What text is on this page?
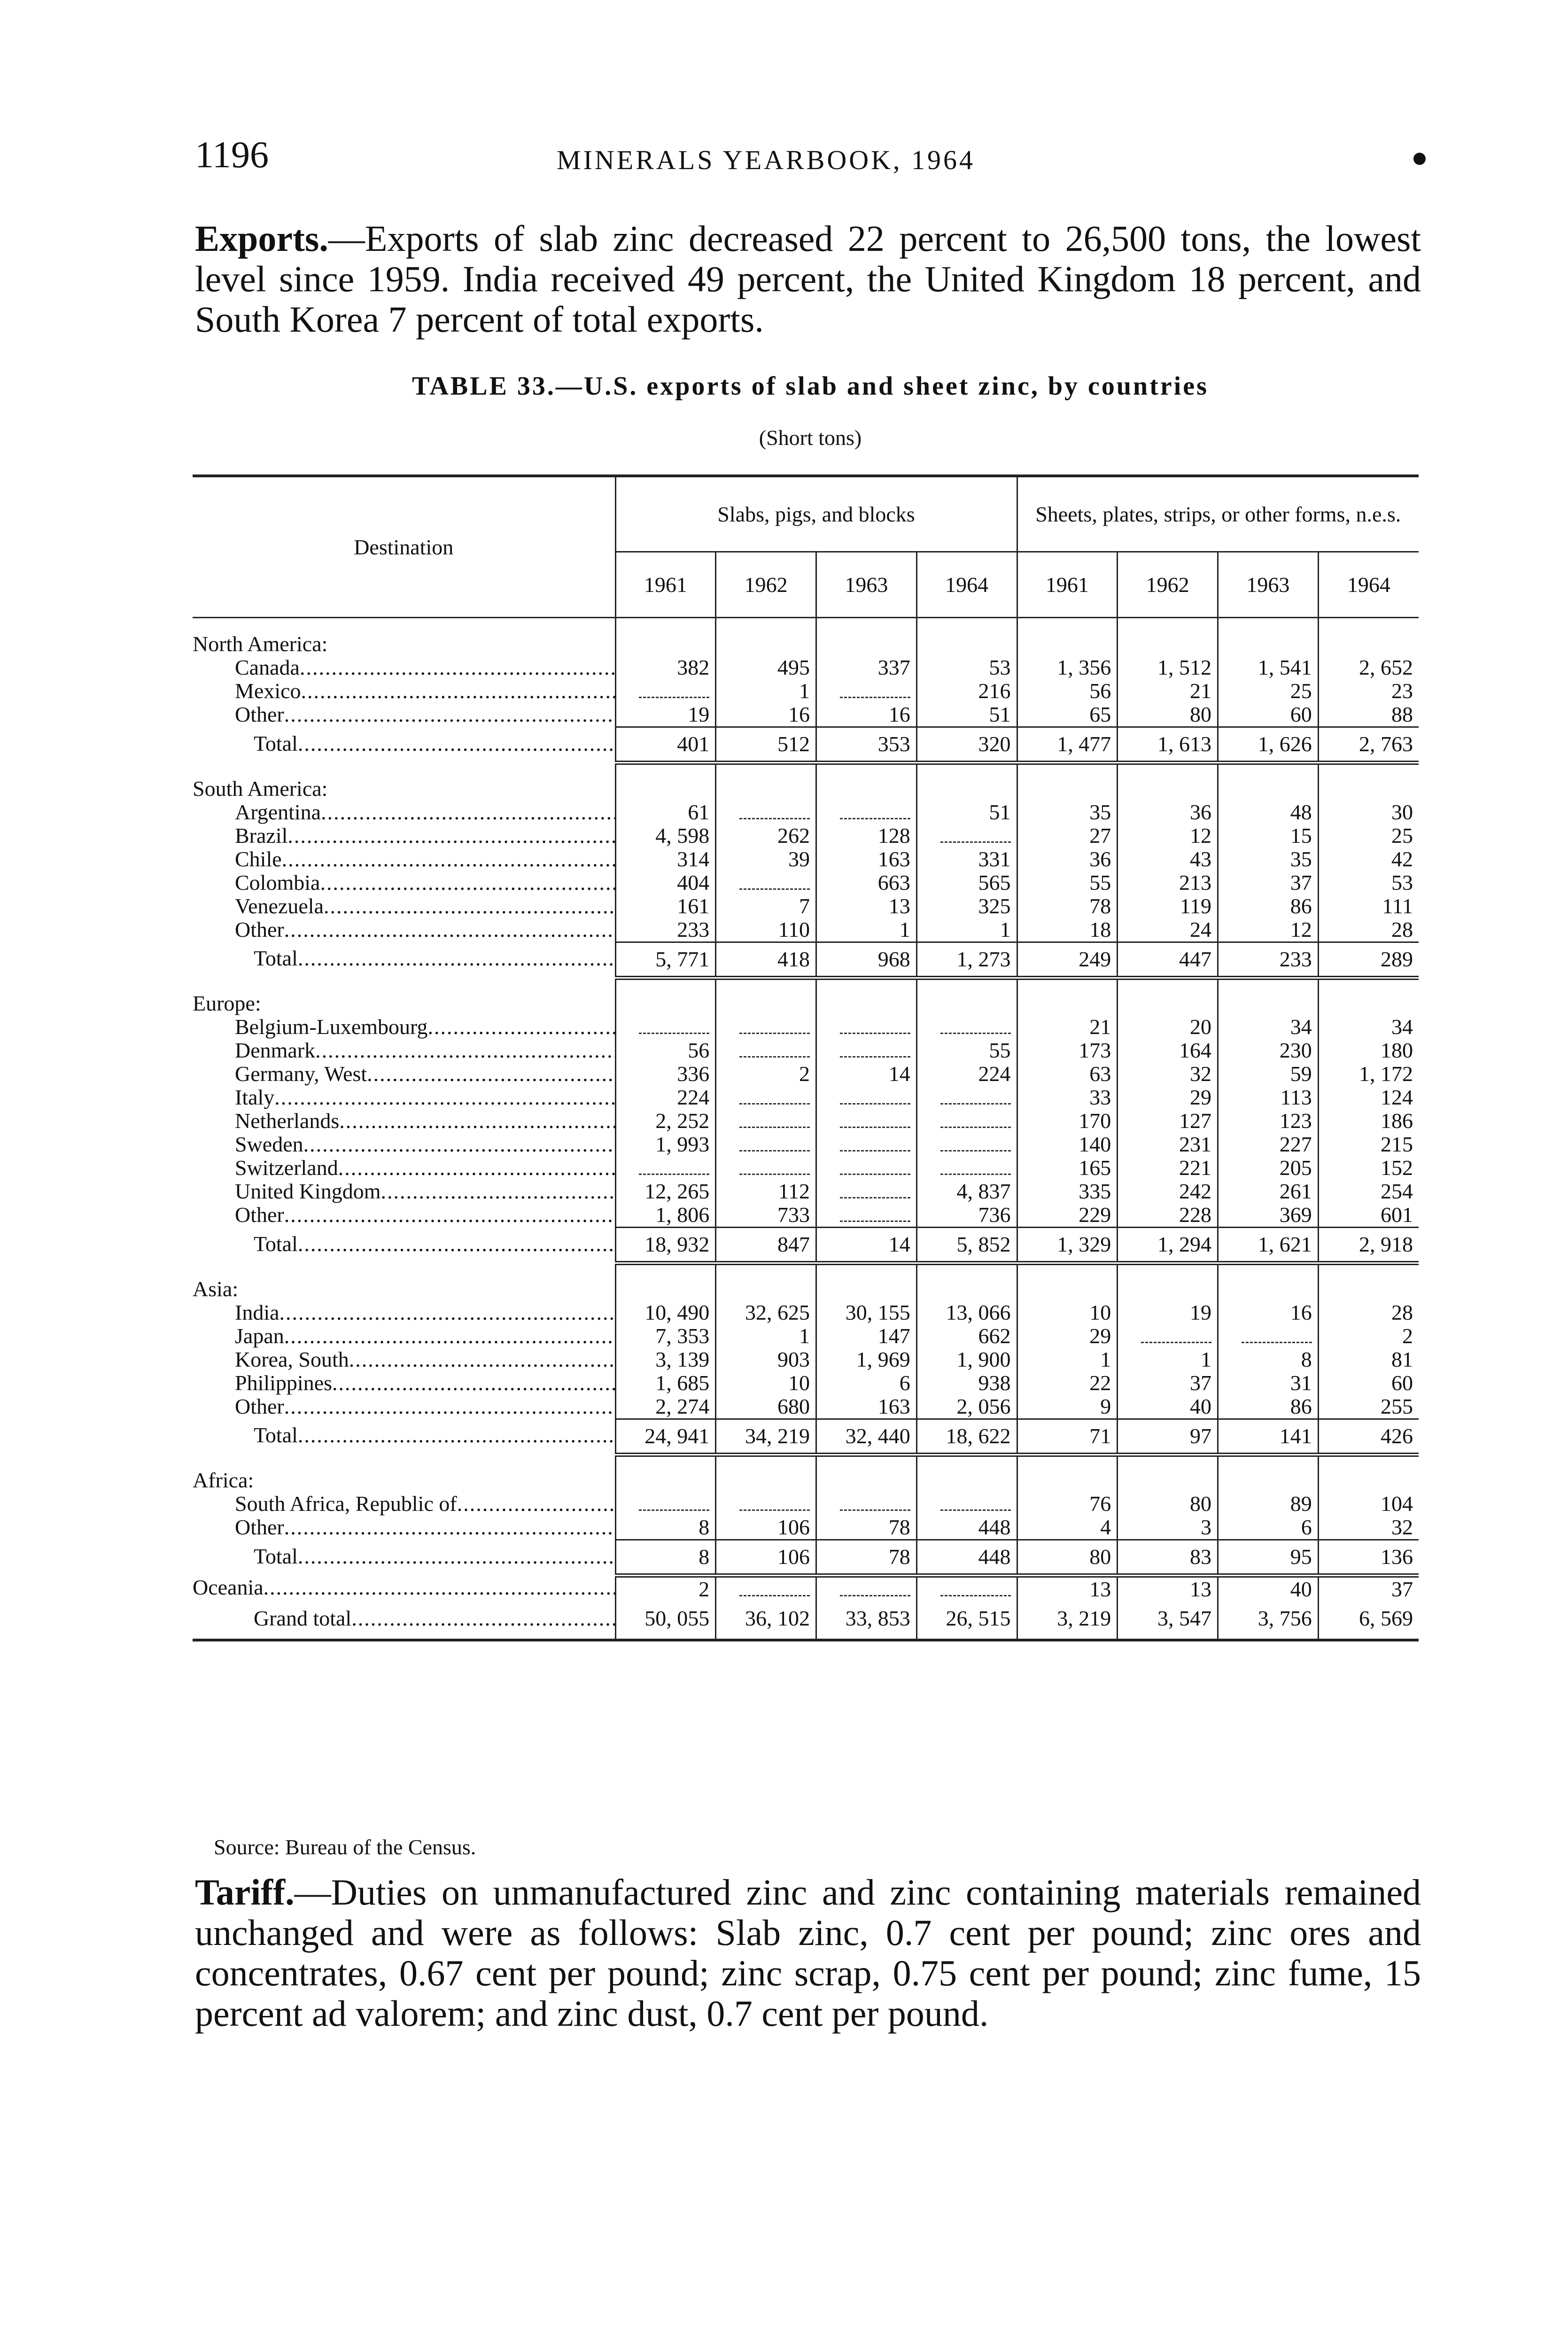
1196	MINERALS YEARBOOK, 1964
Exports.—Exports of slab zinc decreased 22 percent to 26,500 tons, the lowest level since 1959. India received 49 percent, the United Kingdom 18 percent, and South Korea 7 percent of total exports.
TABLE 33.—U.S. exports of slab and sheet zinc, by countries
(Short tons)
Destination	Slabs, pigs, and blocks				Sheets, plates, strips, or other forms, n.e.s.			
	1961	1962	1963	1964	1961	1962	1963	1964
North America:								
Canada .....	382	495	337	53	1, 356	1, 512	1, 541	2, 652
Mexico .....		1		216	56	21	25	23
Other .....	19	16	16	51	65	80	60	88
Total .....	401	512	353	320	1, 477	1, 613	1, 626	2, 763
South America:								
Argentina .....	61			51	35	36	48	30
Brazil .....	4, 598	262	128		27	12	15	25
Chile .....	314	39	163	331	36	43	35	42
Colombia .....	404		663	565	55	213	37	53
Venezuela .....	161	7	13	325	78	119	86	111
Other .....	233	110	1	1	18	24	12	28
Total .....	5, 771	418	968	1, 273	249	447	233	289
Europe:								
Belgium-Luxembourg .....					21	20	34	34
Denmark .....	56			55	173	164	230	180
Germany, West .....	336	2	14	224	63	32	59	1, 172
Italy .....	224				33	29	113	124
Netherlands .....	2, 252				170	127	123	186
Sweden .....	1, 993				140	231	227	215
Switzerland .....					165	221	205	152
United Kingdom .....	12, 265	112		4, 837	335	242	261	254
Other .....	1, 806	733		736	229	228	369	601
Total .....	18, 932	847	14	5, 852	1, 329	1, 294	1, 621	2, 918
Asia:								
India .....	10, 490	32, 625	30, 155	13, 066	10	19	16	28
Japan .....	7, 353	1	147	662	29			2
Korea, South .....	3, 139	903	1, 969	1, 900	1	1	8	81
Philippines .....	1, 685	10	6	938	22	37	31	60
Other .....	2, 274	680	163	2, 056	9	40	86	255
Total .....	24, 941	34, 219	32, 440	18, 622	71	97	141	426
Africa:								
South Africa, Republic of .....					76	80	89	104
Other .....	8	106	78	448	4	3	6	32
Total .....	8	106	78	448	80	83	95	136
Oceania .....	2				13	13	40	37
Grand total .....	50, 055	36, 102	33, 853	26, 515	3, 219	3, 547	3, 756	6, 569
Source: Bureau of the Census.
Tariff.—Duties on unmanufactured zinc and zinc containing materials remained unchanged and were as follows: Slab zinc, 0.7 cent per pound; zinc ores and concentrates, 0.67 cent per pound; zinc scrap, 0.75 cent per pound; zinc fume, 15 percent ad valorem; and zinc dust, 0.7 cent per pound.
